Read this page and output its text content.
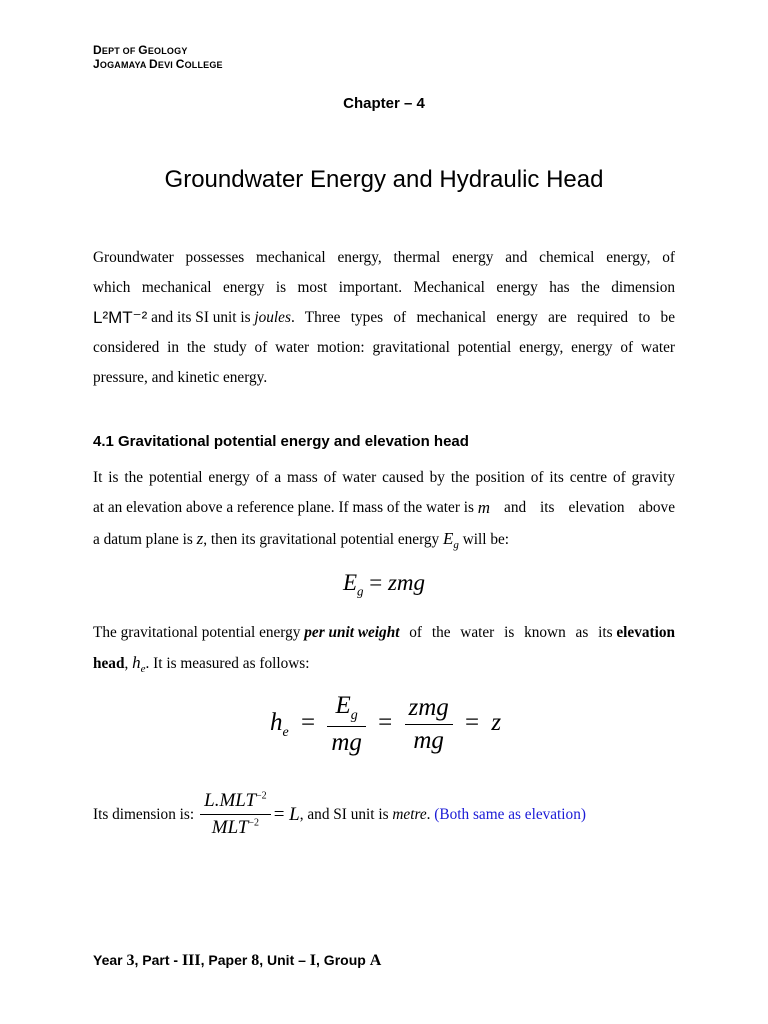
DEPT OF GEOLOGY
JOGAMAYA DEVI COLLEGE
Chapter – 4
Groundwater Energy and Hydraulic Head
Groundwater possesses mechanical energy, thermal energy and chemical energy, of
which mechanical energy is most important. Mechanical energy has the dimension
L²MT⁻² and its SI unit is joules . Three types of mechanical energy are required to be
considered in the study of water motion: gravitational potential energy, energy of water
pressure, and kinetic energy.
4.1 Gravitational potential energy and elevation head
It is the potential energy of a mass of water caused by the position of its centre of gravity
at an elevation above a reference plane. If mass of the water is m and its elevation above
a datum plane is z, then its gravitational potential energy $E_g$ will be:
$E_g$ = zmg
The gravitational potential energy per unit weight of the water is known as its elevation
head, $h_e$. It is measured as follows:
$h_e = \frac{E_g}{mg} = \frac{\text{zmg}}{mg} = z$
Its dimension is: $\frac{L.MLT^{-2}}{MLT^{-2}} = L$ , and SI unit is metre .
(Both same as elevation)
Year 3, Part - III, Paper 8, Unit – I, Group A
